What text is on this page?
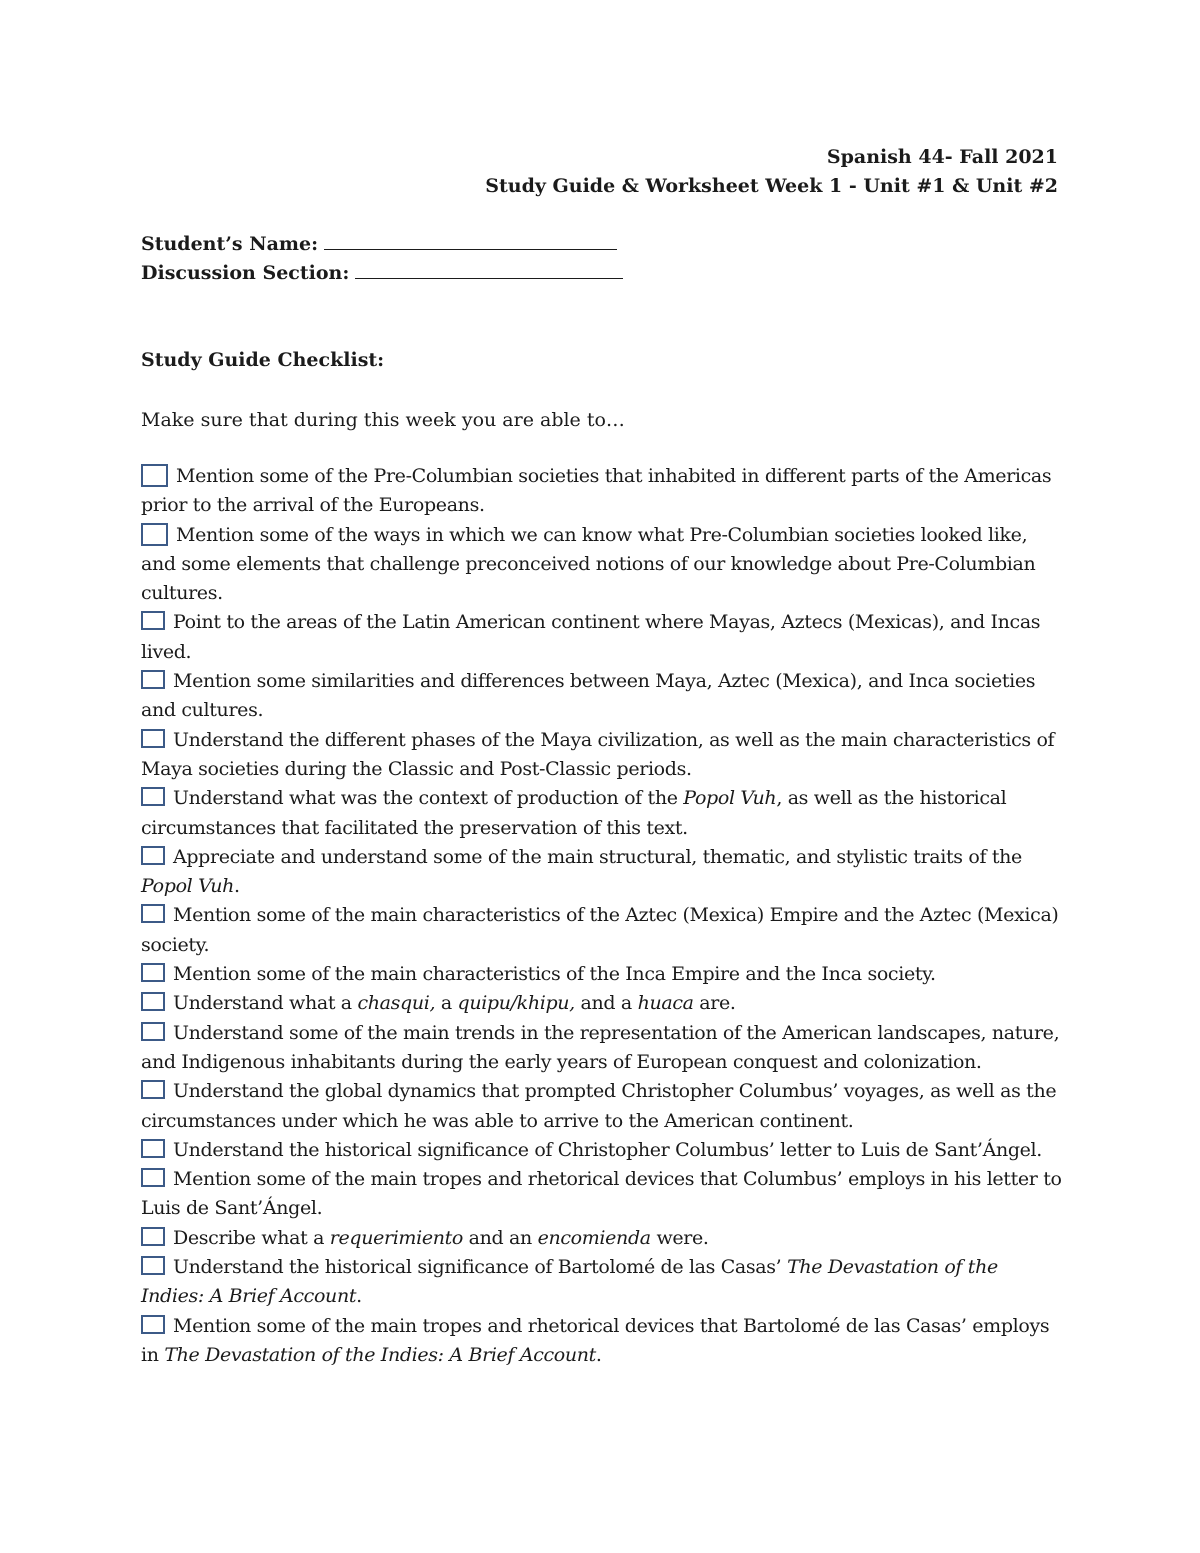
Spanish 44- Fall 2021
Study Guide & Worksheet Week 1 - Unit #1 & Unit #2
Student’s Name:
Discussion Section:
Study Guide Checklist:
Make sure that during this week you are able to…

Mention some of the Pre-Columbian societies that inhabited in different parts of the Americas prior to the arrival of the Europeans.

Mention some of the ways in which we can know what Pre-Columbian societies looked like, and some elements that challenge preconceived notions of our knowledge about Pre-Columbian cultures.

Point to the areas of the Latin American continent where Mayas, Aztecs (Mexicas), and Incas lived.

Mention some similarities and differences between Maya, Aztec (Mexica), and Inca societies and cultures.

Understand the different phases of the Maya civilization, as well as the main characteristics of Maya societies during the Classic and Post-Classic periods.

Understand what was the context of production of the Popol Vuh, as well as the historical circumstances that facilitated the preservation of this text.

Appreciate and understand some of the main structural, thematic, and stylistic traits of the Popol Vuh.

Mention some of the main characteristics of the Aztec (Mexica) Empire and the Aztec (Mexica) society.

Mention some of the main characteristics of the Inca Empire and the Inca society.

Understand what a chasqui, a quipu/khipu, and a huaca are.

Understand some of the main trends in the representation of the American landscapes, nature, and Indigenous inhabitants during the early years of European conquest and colonization.

Understand the global dynamics that prompted Christopher Columbus’ voyages, as well as the circumstances under which he was able to arrive to the American continent.

Understand the historical significance of Christopher Columbus’ letter to Luis de Sant’Ángel.

Mention some of the main tropes and rhetorical devices that Columbus’ employs in his letter to Luis de Sant’Ángel.

Describe what a requerimiento and an encomienda were.

Understand the historical significance of Bartolomé de las Casas’ The Devastation of the Indies: A Brief Account.

Mention some of the main tropes and rhetorical devices that Bartolomé de las Casas’ employs in The Devastation of the Indies: A Brief Account.
